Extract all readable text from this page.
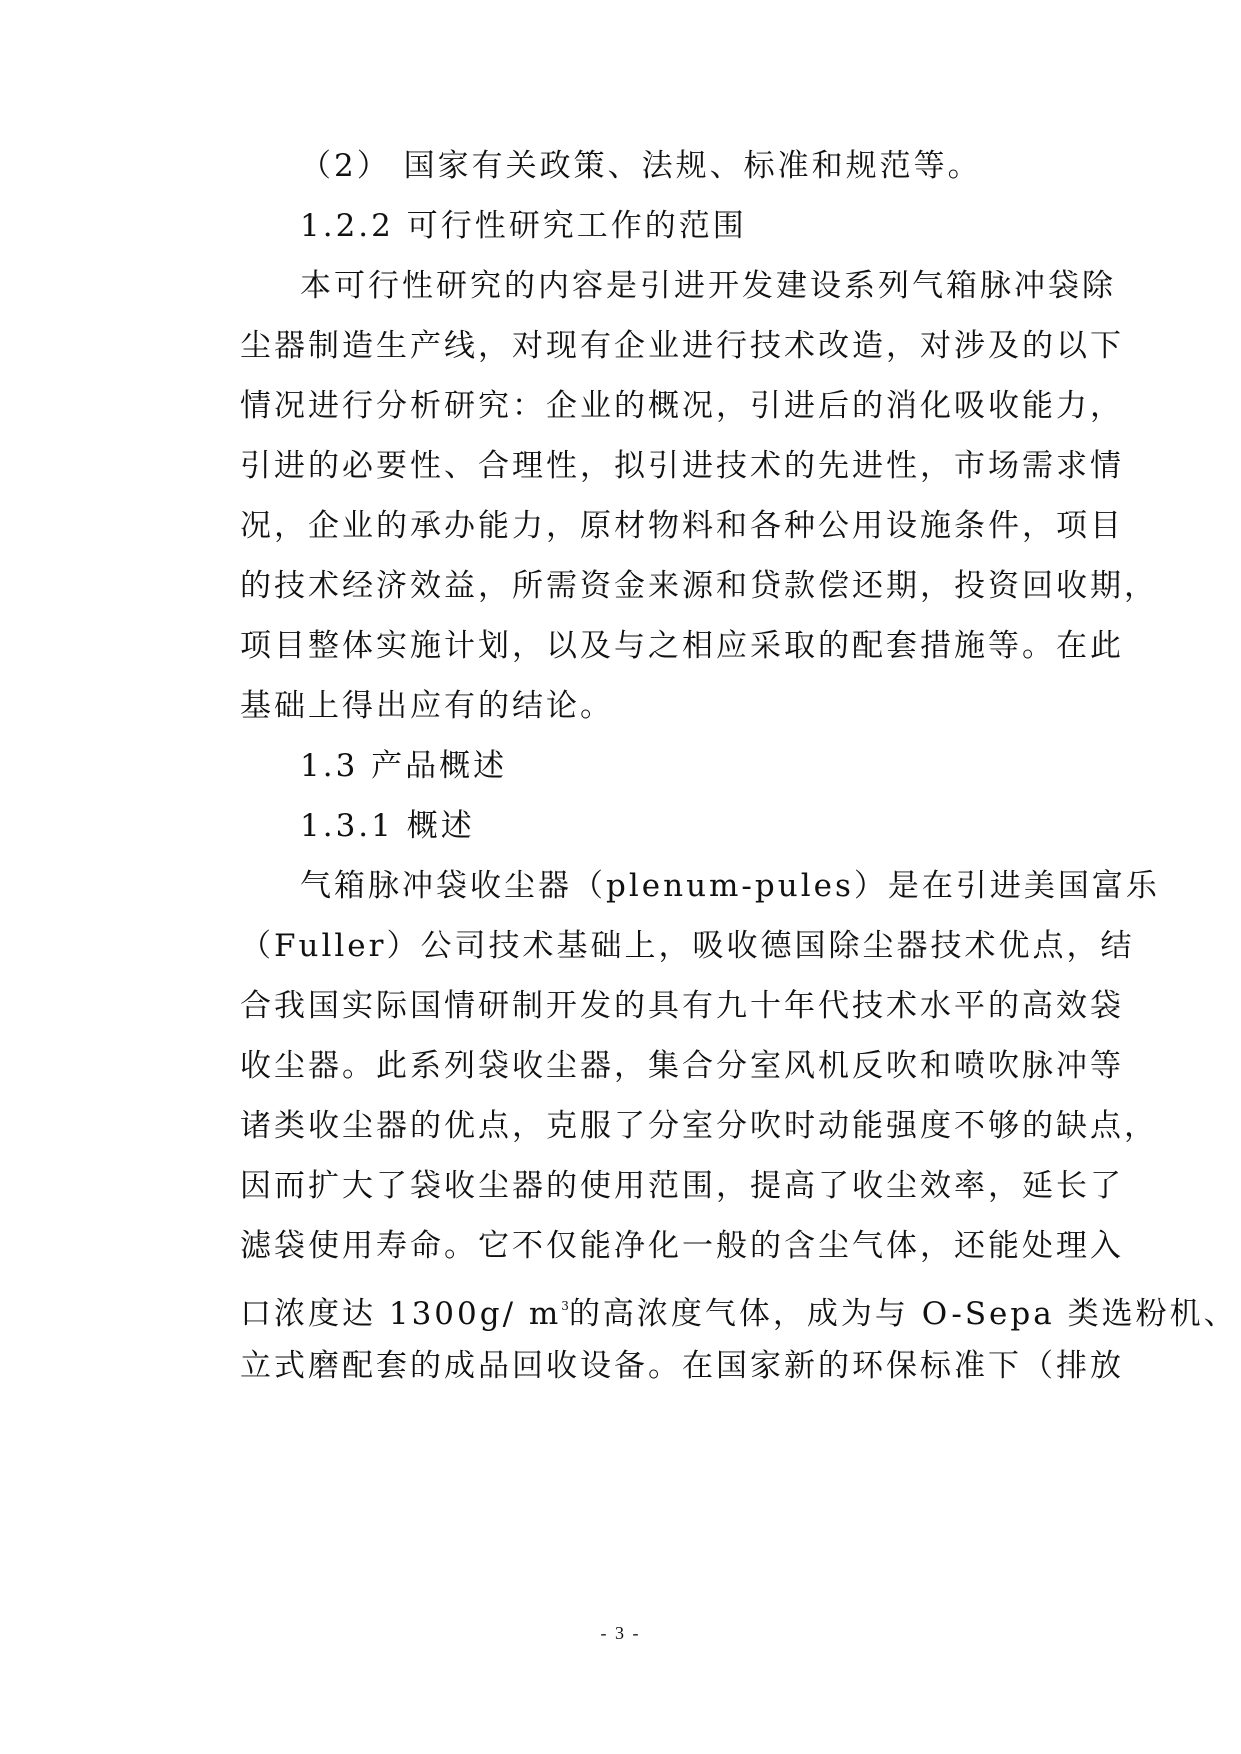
（2） 国家有关政策、法规、标准和规范等。
1.2.2 可行性研究工作的范围
本可行性研究的内容是引进开发建设系列气箱脉冲袋除
尘器制造生产线，对现有企业进行技术改造，对涉及的以下
情况进行分析研究：企业的概况，引进后的消化吸收能力，
引进的必要性、合理性，拟引进技术的先进性，市场需求情
况，企业的承办能力，原材物料和各种公用设施条件，项目
的技术经济效益，所需资金来源和贷款偿还期，投资回收期，
项目整体实施计划，以及与之相应采取的配套措施等。在此
基础上得出应有的结论。
1.3 产品概述
1.3.1 概述
气箱脉冲袋收尘器（plenum-pules）是在引进美国富乐
（Fuller）公司技术基础上，吸收德国除尘器技术优点，结
合我国实际国情研制开发的具有九十年代技术水平的高效袋
收尘器。此系列袋收尘器，集合分室风机反吹和喷吹脉冲等
诸类收尘器的优点，克服了分室分吹时动能强度不够的缺点，
因而扩大了袋收尘器的使用范围，提高了收尘效率，延长了
滤袋使用寿命。它不仅能净化一般的含尘气体，还能处理入
口浓度达 1300g/ $m^3$的高浓度气体，成为与 O-Sepa 类选粉机、
立式磨配套的成品回收设备。在国家新的环保标准下（排放
- 3 -
